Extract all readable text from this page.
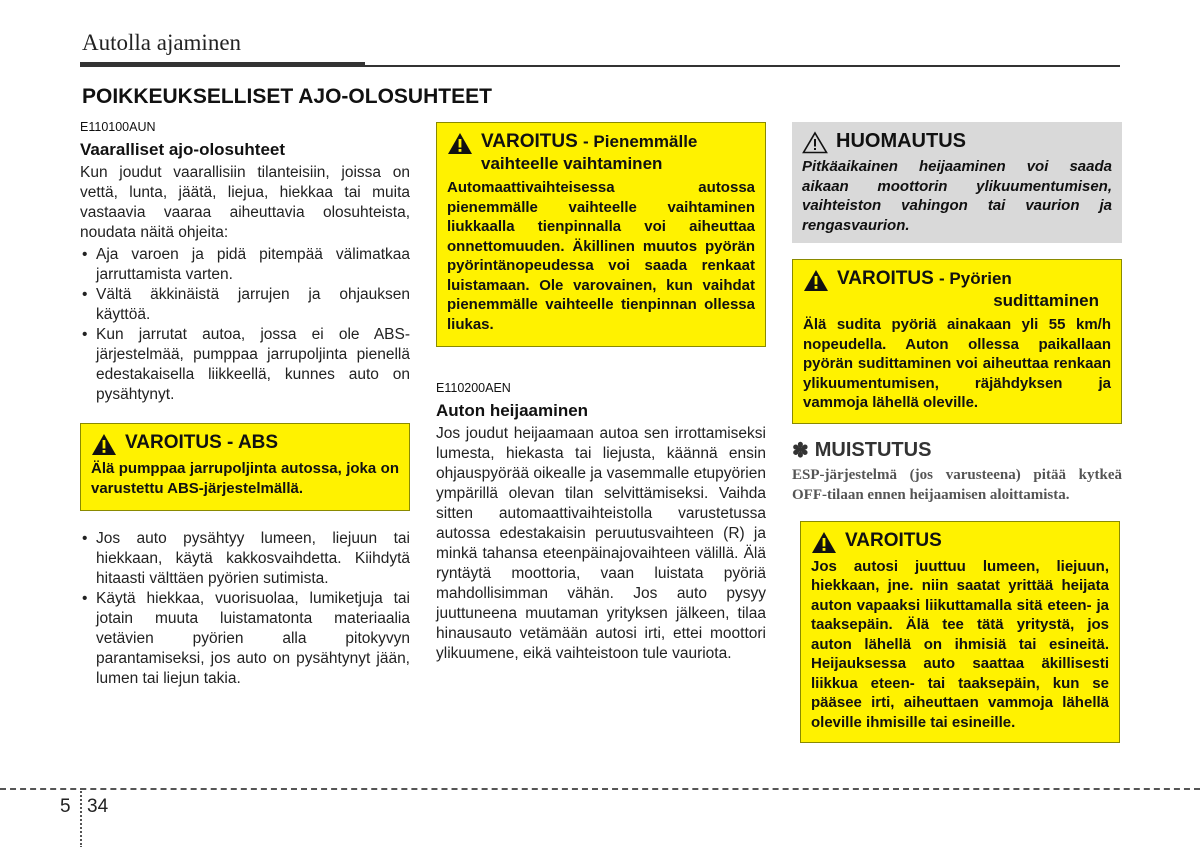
Autolla ajaminen
POIKKEUKSELLISET AJO-OLOSUHTEET
E110100AUN
Vaaralliset ajo-olosuhteet

Kun joudut vaarallisiin tilanteisiin, joissa on vettä, lunta, jäätä, liejua, hiekkaa tai muita vastaavia vaaraa aiheuttavia olosuhteista, noudata näitä ohjeita:

• Aja varoen ja pidä pitempää välimatkaa jarruttamista varten.
• Vältä äkkinäistä jarrujen ja ohjauksen käyttöä.
• Kun jarrutat autoa, jossa ei ole ABS-järjestelmää, pumppaa jarrupoljinta pienellä edestakaisella liikkeellä, kunnes auto on pysähtynyt.
VAROITUS - ABS
Älä pumppaa jarrupoljinta autossa, joka on varustettu ABS-järjestelmällä.
• Jos auto pysähtyy lumeen, liejuun tai hiekkaan, käytä kakkosvaihdetta. Kiihdytä hitaasti välttäen pyörien sutimista.
• Käytä hiekkaa, vuorisuolaa, lumiketjuja tai jotain muuta luistamatonta materiaalia vetävien pyörien alla pitokyvyn parantamiseksi, jos auto on pysähtynyt jään, lumen tai liejun takia.
VAROITUS - Pienemmälle vaihteelle vaihtaminen
Automaattivaihteisessa autossa pienemmälle vaihteelle vaihtaminen liukkaalla tienpinnalla voi aiheuttaa onnettomuuden. Äkillinen muutos pyörän pyörintänopeudessa voi saada renkaat luistamaan. Ole varovainen, kun vaihdat pienemmälle vaihteelle tienpinnan ollessa liukas.
E110200AEN
Auton heijaaminen

Jos joudut heijaamaan autoa sen irrottamiseksi lumesta, hiekasta tai liejusta, käännä ensin ohjauspyörää oikealle ja vasemmalle etupyörien ympärillä olevan tilan selvittämiseksi. Vaihda sitten automaattivaihteistolla varustetussa autossa edestakaisin peruutusvaihteen (R) ja minkä tahansa eteenpäinajovaihteen välillä. Älä ryntäytä moottoria, vaan luistata pyöriä mahdollisimman vähän. Jos auto pysyy juuttuneena muutaman yrityksen jälkeen, tilaa hinausauto vetämään autosi irti, ettei moottori ylikuumene, eikä vaihteistoon tule vauriota.

HUOMAUTUS
Pitkäaikainen heijaaminen voi saada aikaan moottorin ylikuumentumisen, vaihteiston vahingon tai vaurion ja rengasvaurion.
VAROITUS - Pyörien
sudittaminen
Älä sudita pyöriä ainakaan yli 55 km/h nopeudella. Auton ollessa paikallaan pyörän sudittaminen voi aiheuttaa renkaan ylikuumentumisen, räjähdyksen ja vammoja lähellä oleville.
✽ MUISTUTUS
ESP-järjestelmä (jos varusteena) pitää kytkeä OFF-tilaan ennen heijaamisen aloittamista.
VAROITUS
Jos autosi juuttuu lumeen, liejuun, hiekkaan, jne. niin saatat yrittää heijata auton vapaaksi liikuttamalla sitä eteen- ja taaksepäin. Älä tee tätä yritystä, jos auton lähellä on ihmisiä tai esineitä. Heijauksessa auto saattaa äkillisesti liikkua eteen- tai taaksepäin, kun se pääsee irti, aiheuttaen vammoja lähellä oleville ihmisille tai esineille.
5 34
